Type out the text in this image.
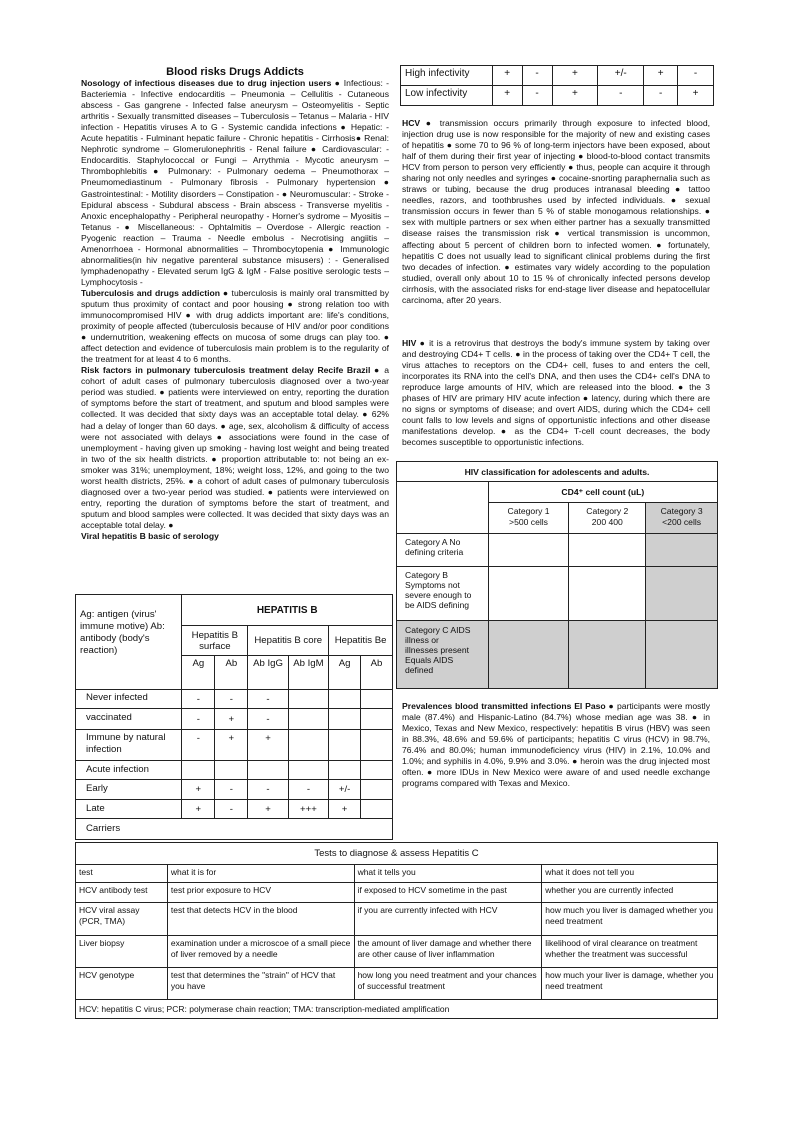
Blood risks Drugs Addicts

Nosology of infectious diseases due to drug injection users ● Infectious: - Bacteriemia - Infective endocarditis – Pneumonia – Cellulitis - Cutaneous abscess - Gas gangrene - Infected false aneurysm – Osteomyelitis - Septic arthritis - Sexually transmitted diseases – Tuberculosis – Tetanus – Malaria - HIV infection - Hepatitis viruses A to G - Systemic candida infections ● Hepatic: - Acute hepatitis - Fulminant hepatic failure - Chronic hepatitis - Cirrhosis● Renal: Nephrotic syndrome – Glomerulonephritis - Renal failure ● Cardiovascular: - Endocarditis. Staphylococcal or Fungi – Arrythmia - Mycotic aneurysm – Thrombophlebitis ● Pulmonary: - Pulmonary oedema – Pneumothorax – Pneumomediastinum - Pulmonary fibrosis - Pulmonary hypertension ● Gastrointestinal: - Motility disorders – Constipation - ● Neuromuscular: - Stroke - Epidural abscess - Subdural abscess - Brain abscess - Transverse myelitis - Anoxic encephalopathy - Peripheral neuropathy - Horner's sydrome – Myositis – Tetanus - ● Miscellaneous: - Ophtalmitis – Overdose - Allergic reaction - Pyogenic reaction – Trauma - Needle embolus - Necrotising angiitis – Amenorrhoea - Hormonal abnormalities – Thrombocytopenia ● Immunologic abnormalities(in hiv negative parenteral substance misusers) : - Generalised lymphadenopathy - Elevated serum IgG & IgM - False positive serologic tests – Lymphocytosis -

Tuberculosis and drugs addiction ● tuberculosis is mainly oral transmitted by sputum thus proximity of contact and poor housing ● strong relation too with immunocompromised HIV ● with drug addicts important are: life's conditions, proximity of people affected (tuberculosis because of HIV and/or poor conditions ● undernutrition, weakening effects on mucosa of some drugs can play too. ● affect detection and evidence of tuberculosis main problem is to the regularity of the treatment for at least 4 to 6 months.

Risk factors in pulmonary tuberculosis treatment delay Recife Brazil ● a cohort of adult cases of pulmonary tuberculosis diagnosed over a two-year period was studied. ● patients were interviewed on entry, reporting the duration of symptoms before the start of treatment, and sputum and blood samples were collected. It was decided that sixty days was an acceptable total delay. ● 62% had a delay of longer than 60 days. ● age, sex, alcoholism & difficulty of access were not associated with delays ● associations were found in the case of unemployment - having given up smoking - having lost weight and being treated in two of the six health districts. ● proportion attributable to: not being an ex-smoker was 31%; unemployment, 18%; weight loss, 12%, and going to the two worst health districts, 25%. ● a cohort of adult cases of pulmonary tuberculosis diagnosed over a two-year period was studied. ● patients were interviewed on entry, reporting the duration of symptoms before the start of treatment, and sputum and blood samples were collected. It was decided that sixty days was an acceptable total delay. ●

Viral hepatitis B basic of serology

Ag: antigen (virus' immune motive) Ab: antibody (body's reaction)	HEPATITIS B					
	Hepatitis B surface		Hepatitis B core		Hepatitis Be	
	Ag	Ab	Ab IgG	Ab IgM	Ag	Ab
Never infected	-	-	-			
vaccinated	-	+	-			
Immune by natural infection	-	+	+			
Acute infection						
Early	+	-	-	-	+/-	
Late	+	-	+	+++	+	
Carriers						
High infectivity	+	-	+	+/-	+	-
Low infectivity	+	-	+	-	-	+

HCV ● transmission occurs primarily through exposure to infected blood, injection drug use is now responsible for the majority of new and existing cases of hepatitis ● some 70 to 96 % of long-term injectors have been exposed, about half of them during their first year of injecting ● blood-to-blood contact transmits HCV from person to person very efficiently ● thus, people can acquire it through sharing not only needles and syringes ● cocaine-snorting paraphernalia such as straws or tubing, because the drug produces intranasal bleeding ● tattoo needles, razors, and toothbrushes used by infected individuals. ● sexual transmission occurs in fewer than 5 % of stable monogamous relationships. ● sex with multiple partners or sex when either partner has a sexually transmitted disease raises the transmission risk ● vertical transmission is uncommon, affecting about 5 percent of children born to infected women. ● fortunately, hepatitis C does not usually lead to significant clinical problems during the first two decades of infection. ● estimates vary widely according to the population studied, overall only about 10 to 15 % of chronically infected persons develop cirrhosis, with the associated risks for end-stage liver disease and hepatocellular carcinoma, after 20 years.

HIV ● it is a retrovirus that destroys the body's immune system by taking over and destroying CD4+ T cells. ● in the process of taking over the CD4+ T cell, the virus attaches to receptors on the CD4+ cell, fuses to and enters the cell, incorporates its RNA into the cell's DNA, and then uses the CD4+ cell's DNA to reproduce large amounts of HIV, which are released into the blood. ● the 3 phases of HIV are primary HIV acute infection ● latency, during which there are no signs or symptoms of disease; and overt AIDS, during which the CD4+ cell count falls to low levels and signs of opportunistic infections and other disease manifestations develop. ● as the CD4+ T-cell count decreases, the body becomes susceptible to opportunistic infections.

HIV classification for adolescents and adults.			
	CD4⁺ cell count (uL)		
	Category 1 >500 cells	Category 2 200 400	Category 3 <200 cells
Category A No defining criteria			
Category B Symptoms not severe enough to be AIDS defining			
Category C AIDS illness or illnesses present Equals AIDS defined			

Prevalences blood transmitted infections El Paso ● participants were mostly male (87.4%) and Hispanic-Latino (84.7%) whose median age was 38. ● in Mexico, Texas and New Mexico, respectively: hepatitis B virus (HBV) was seen in 88.3%, 48.6% and 59.6% of participants; hepatitis C virus (HCV) in 98.7%, 76.4% and 80.0%; human immunodeficiency virus (HIV) in 2.1%, 10.0% and 1.0%; and syphilis in 4.0%, 9.9% and 3.0%. ● heroin was the drug injected most often. ● more IDUs in New Mexico were aware of and used needle exchange programs compared with Texas and Mexico.

Tests to diagnose & assess Hepatitis C			
test	what it is for	what it tells you	what it does not tell you
HCV antibody test	test prior exposure to HCV	if exposed to HCV sometime in the past	whether you are currently infected
HCV viral assay (PCR, TMA)	test that detects HCV in the blood	if you are currently infected with HCV	how much you liver is damaged whether you need treatment
Liver biopsy	examination under a microscoe of a small piece of liver removed by a needle	the amount of liver damage and whether there are other cause of liver inflammation	likelihood of viral clearance on treatment whether the treatment was successful
HCV genotype	test that determines the "strain" of HCV that you have	how long you need treatment and your chances of successful treatment	how much your liver is damage, whether you need treatment
HCV: hepatitis C virus; PCR: polymerase chain reaction; TMA: transcription-mediated amplification			
